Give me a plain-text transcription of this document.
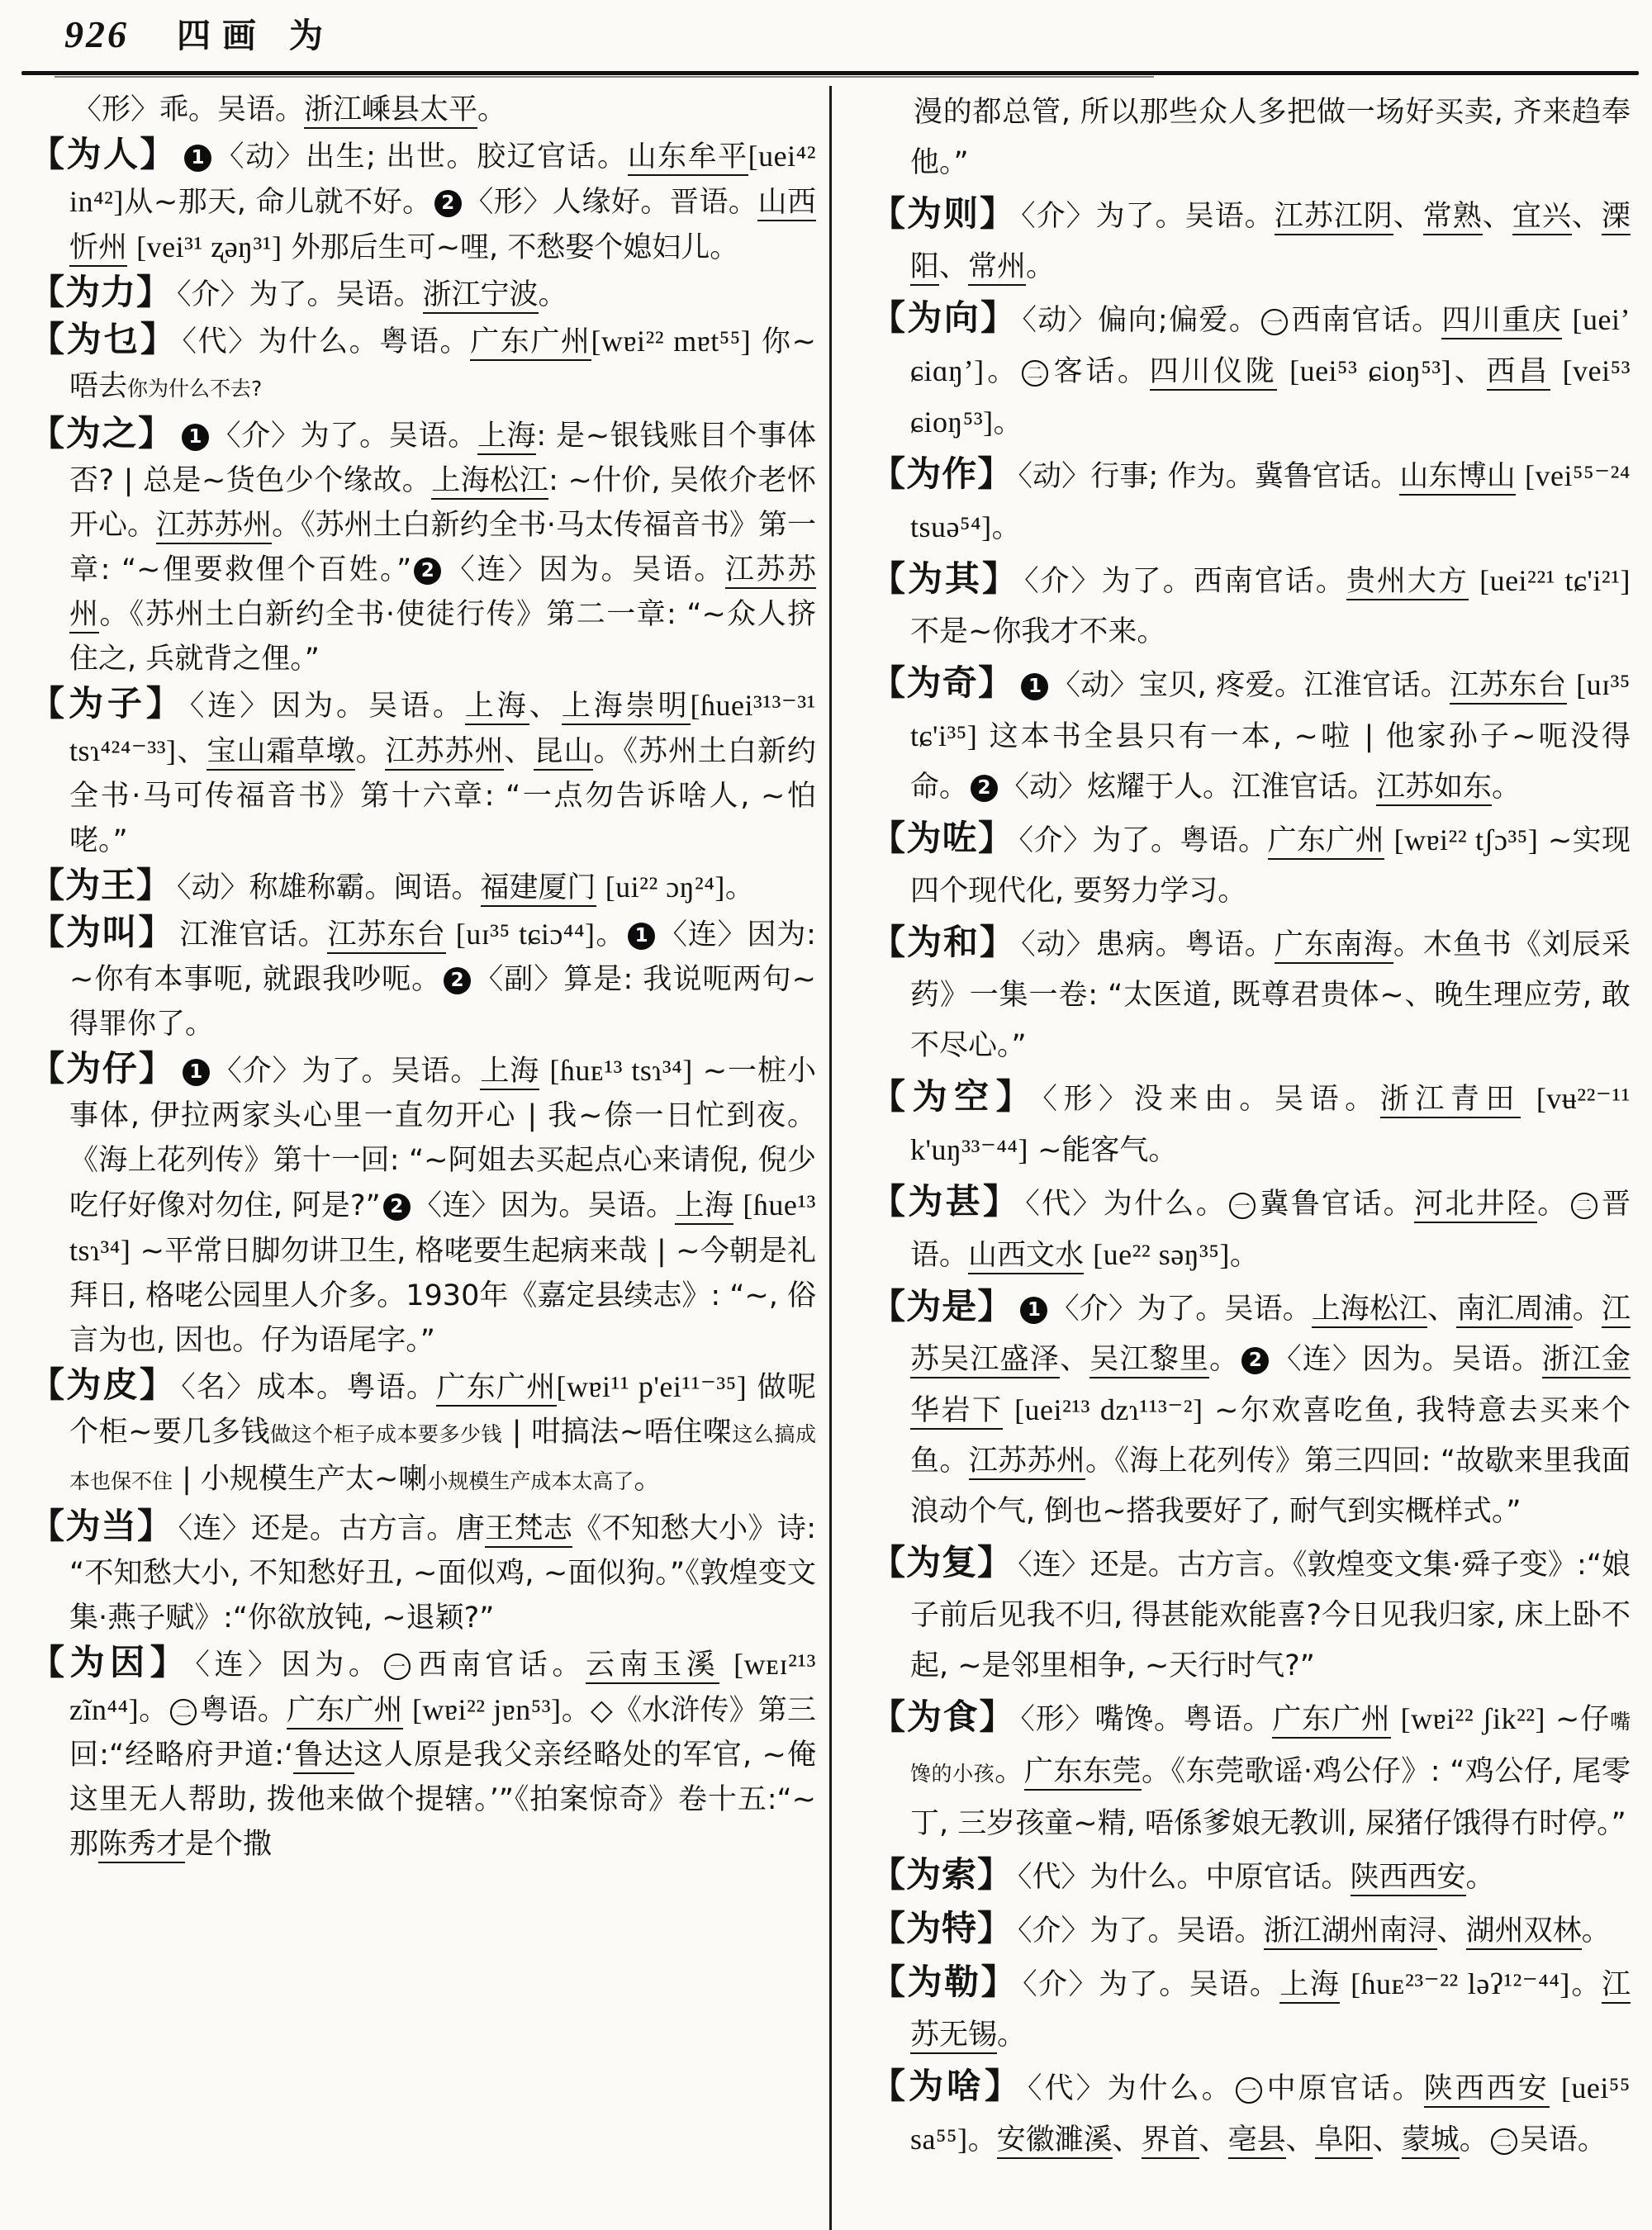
926 四画 为
〈形〉乖。吴语。浙江嵊县太平。
【为人】 1 〈动〉出生; 出世。胶辽官话。山东牟平[uei⁴² in⁴²]从~那天, 命儿就不好。 2 〈形〉人缘好。晋语。山西忻州 [vei³¹ ʐəŋ³¹] 外那后生可~哩, 不愁娶个媳妇儿。
【为力】 〈介〉为了。吴语。浙江宁波。
【为乜】 〈代〉为什么。粤语。广东广州[wɐi²² mɐt⁵⁵] 你~唔去你为什么不去?
【为之】 1 〈介〉为了。吴语。上海: 是~银钱账目个事体否? | 总是~货色少个缘故。上海松江: ~什价, 吴侬介老怀开心。江苏苏州。《苏州土白新约全书·马太传福音书》第一章: “~俚要救俚个百姓。” 2 〈连〉因为。吴语。江苏苏州。《苏州土白新约全书·使徒行传》第二一章: “~众人挤住之, 兵就背之俚。”
【为子】 〈连〉因为。吴语。上海、上海崇明[ɦuei³¹³⁻³¹ tsɿ⁴²⁴⁻³³]、宝山霜草墩。江苏苏州、昆山。《苏州土白新约全书·马可传福音书》第十六章: “一点勿告诉啥人, ~怕咾。”
【为王】 〈动〉称雄称霸。闽语。福建厦门 [ui²² ɔŋ²⁴]。
【为叫】 江淮官话。江苏东台 [uɪ³⁵ tɕiɔ⁴⁴]。 1 〈连〉因为: ~你有本事呃, 就跟我吵呃。 2 〈副〉算是: 我说呃两句~得罪你了。
【为仔】 1 〈介〉为了。吴语。上海 [ɦuᴇ¹³ tsɿ³⁴] ~一桩小事体, 伊拉两家头心里一直勿开心 | 我~倷一日忙到夜。《海上花列传》第十一回: “~阿姐去买起点心来请倪, 倪少吃仔好像对勿住, 阿是?” 2 〈连〉因为。吴语。上海 [ɦue¹³ tsɿ³⁴] ~平常日脚勿讲卫生, 格咾要生起病来哉 | ~今朝是礼拜日, 格咾公园里人介多。1930年《嘉定县续志》: “~, 俗言为也, 因也。仔为语尾字。”
【为皮】 〈名〉成本。粤语。广东广州[wɐi¹¹ p'ei¹¹⁻³⁵] 做呢个柜~要几多钱做这个柜子成本要多少钱 | 咁搞法~唔住㗎这么搞成本也保不住 | 小规模生产太~喇小规模生产成本太高了。
【为当】 〈连〉还是。古方言。唐王梵志《不知愁大小》诗:“不知愁大小, 不知愁好丑, ~面似鸡, ~面似狗。”《敦煌变文集·燕子赋》:“你欲放钝, ~退颖?”
【为因】 〈连〉因为。 一 西南官话。云南玉溪 [wᴇɪ²¹³ zĩn⁴⁴]。 二 粤语。广东广州 [wɐi²² jɐn⁵³]。◇《水浒传》第三回:“经略府尹道:‘鲁达这人原是我父亲经略处的军官, ~俺这里无人帮助, 拨他来做个提辖。’”《拍案惊奇》卷十五:“~那陈秀才是个撒
漫的都总管, 所以那些众人多把做一场好买卖, 齐来趋奉他。”
【为则】 〈介〉为了。吴语。江苏江阴、常熟、宜兴、溧阳、常州。
【为向】 〈动〉偏向;偏爱。 一 西南官话。四川重庆 [ueiʼ ɕiɑŋʼ]。 二 客话。四川仪陇 [uei⁵³ ɕioŋ⁵³]、西昌 [vei⁵³ ɕioŋ⁵³]。
【为作】 〈动〉行事; 作为。冀鲁官话。山东博山 [vei⁵⁵⁻²⁴ tsuə⁵⁴]。
【为其】 〈介〉为了。西南官话。贵州大方 [uei²²¹ tɕ'i²¹] 不是~你我才不来。
【为奇】 1 〈动〉宝贝, 疼爱。江淮官话。江苏东台 [uɪ³⁵ tɕ'i³⁵] 这本书全县只有一本, ~啦 | 他家孙子~呃没得命。 2 〈动〉炫耀于人。江淮官话。江苏如东。
【为咗】 〈介〉为了。粤语。广东广州 [wɐi²² tʃɔ³⁵] ~实现四个现代化, 要努力学习。
【为和】 〈动〉患病。粤语。广东南海。木鱼书《刘辰采药》一集一卷: “太医道, 既尊君贵体~、晚生理应劳, 敢不尽心。”
【为空】 〈形〉没来由。吴语。浙江青田 [vʉ²²⁻¹¹ k'uŋ³³⁻⁴⁴] ~能客气。
【为甚】 〈代〉为什么。 一 冀鲁官话。河北井陉。 二 晋语。山西文水 [ue²² səŋ³⁵]。
【为是】 1 〈介〉为了。吴语。上海松江、南汇周浦。江苏吴江盛泽、吴江黎里。 2 〈连〉因为。吴语。浙江金华岩下 [uei²¹³ dzɿ¹¹³⁻²] ~尔欢喜吃鱼, 我特意去买来个鱼。江苏苏州。《海上花列传》第三四回: “故歇来里我面浪动个气, 倒也~搭我要好了, 耐气到实概样式。”
【为复】 〈连〉还是。古方言。《敦煌变文集·舜子变》:“娘子前后见我不归, 得甚能欢能喜?今日见我归家, 床上卧不起, ~是邻里相争, ~天行时气?”
【为食】 〈形〉嘴馋。粤语。广东广州 [wɐi²² ʃik²²] ~仔嘴馋的小孩。广东东莞。《东莞歌谣·鸡公仔》: “鸡公仔, 尾零丁, 三岁孩童~精, 唔係爹娘无教训, 屎猪仔饿得冇时停。”
【为索】 〈代〉为什么。中原官话。陕西西安。
【为特】 〈介〉为了。吴语。浙江湖州南浔、湖州双林。
【为勒】 〈介〉为了。吴语。上海 [ɦuᴇ²³⁻²² ləʔ¹²⁻⁴⁴]。江苏无锡。
【为啥】 〈代〉为什么。 一 中原官话。陕西西安 [uei⁵⁵ sa⁵⁵]。安徽濉溪、界首、亳县、阜阳、蒙城。 二 吴语。
